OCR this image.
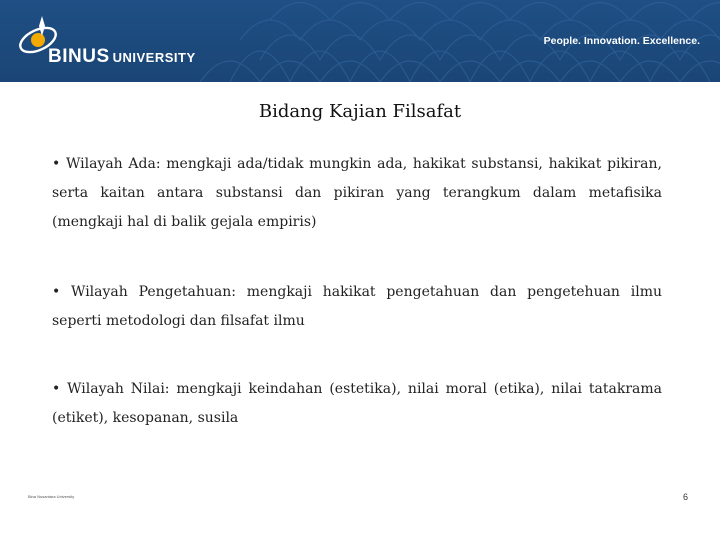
BINUS UNIVERSITY
People. Innovation. Excellence.
Bidang Kajian Filsafat
• Wilayah Ada: mengkaji ada/tidak mungkin ada, hakikat substansi, hakikat pikiran, serta kaitan antara substansi dan pikiran yang terangkum dalam metafisika (mengkaji hal di balik gejala empiris)
• Wilayah Pengetahuan: mengkaji hakikat pengetahuan dan pengetehuan ilmu seperti metodologi dan filsafat ilmu
• Wilayah Nilai: mengkaji keindahan (estetika), nilai moral (etika), nilai tatakrama (etiket), kesopanan, susila
Bina Nusantara University	6
